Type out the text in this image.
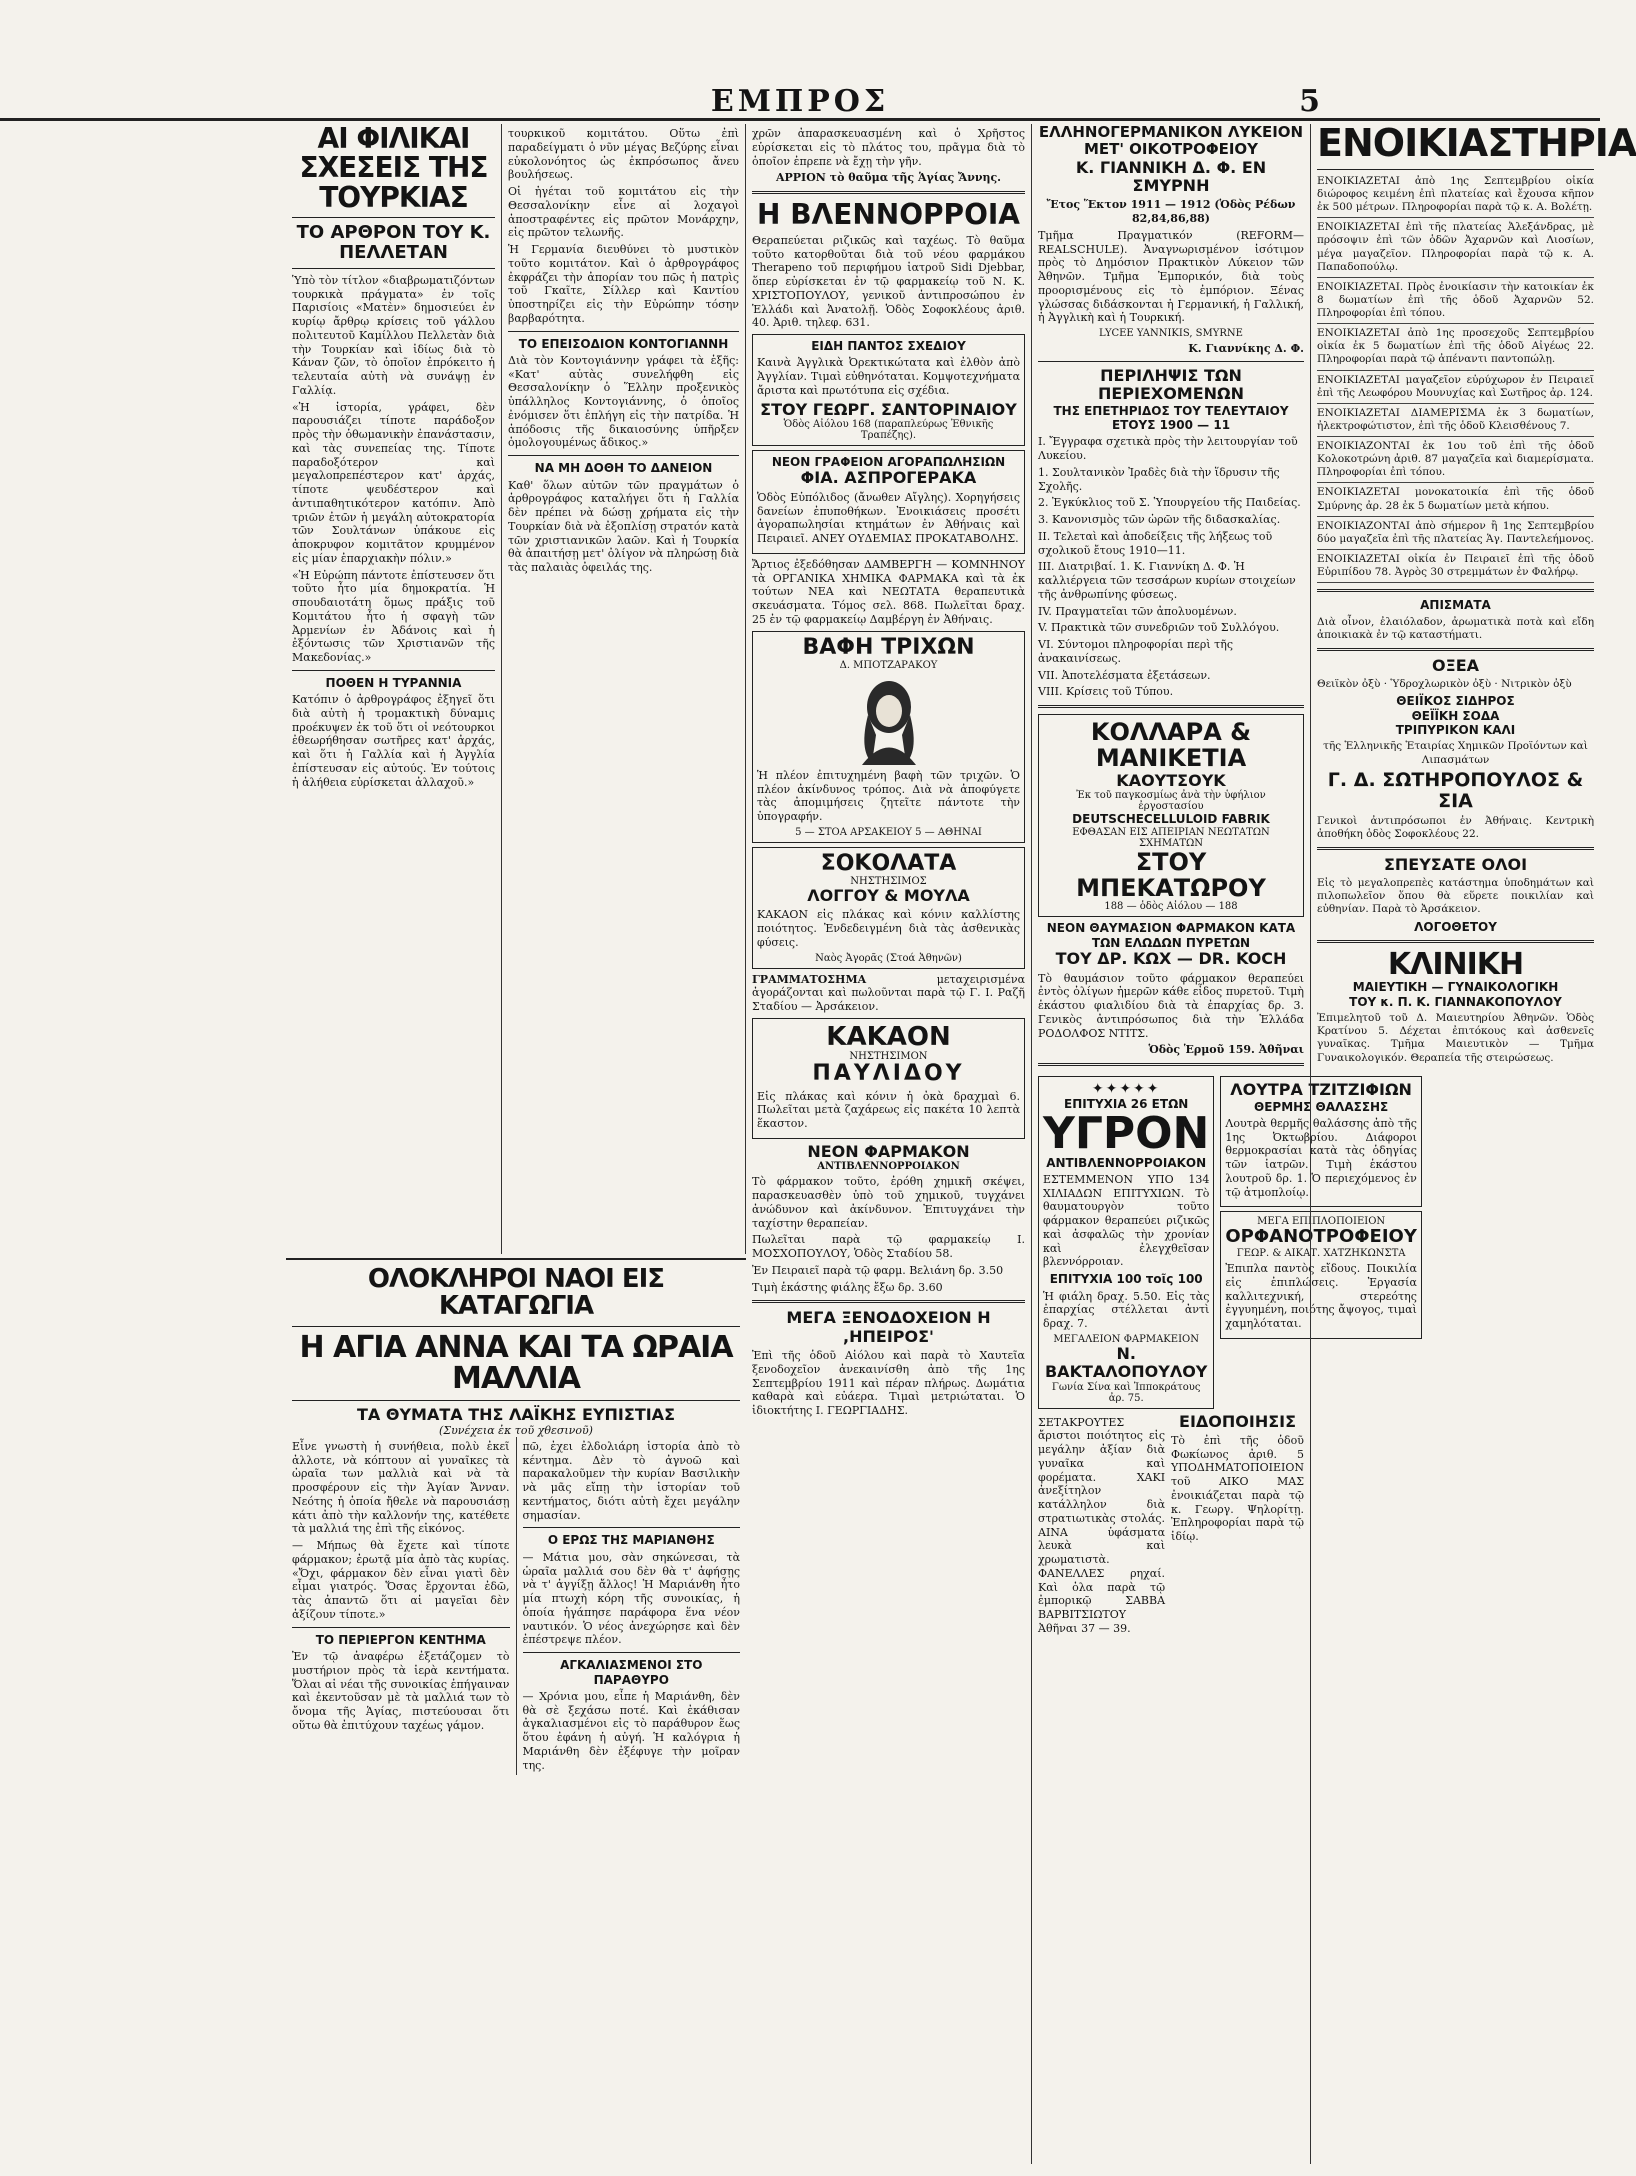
ΕΜΠΡΟΣ	5
ΑΙ ΦΙΛΙΚΑΙ ΣΧΕΣΕΙΣ ΤΗΣ ΤΟΥΡΚΙΑΣ
ΤΟ ΑΡΘΡΟΝ ΤΟΥ Κ. ΠΕΛΛΕΤΑΝ

Ὑπὸ τὸν τίτλον «διαβρωματιζόντων τουρκικὰ πράγματα» ἐν τοῖς Παρισίοις «Ματὲν» δημοσιεύει ἐν κυρίῳ ἄρθρῳ κρίσεις τοῦ γάλλου πολιτευτοῦ Καμίλλου Πελλετὰν διὰ τὴν Τουρκίαν καὶ ἰδίως διὰ τὸ Κάναν ζῶν, τὸ ὁποῖον ἐπρόκειτο ἡ τελευταία αὐτὴ νὰ συνάψῃ ἐν Γαλλίᾳ.

«Ἡ ἱστορία, γράφει, δὲν παρουσιάζει τίποτε παράδοξον πρὸς τὴν ὁθωμανικὴν ἐπανάστασιν, καὶ τὰς συνεπείας της. Τίποτε παραδοξότερον καὶ μεγαλοπρεπέστερον κατ' ἀρχάς, τίποτε ψευδέστερον καὶ ἀντιπαθητικότερον κατόπιν. Ἀπὸ τριῶν ἐτῶν ἡ μεγάλη αὐτοκρατορία τῶν Σουλτάνων ὑπάκουε εἰς ἀποκρυφον κομιτᾶτον κρυμμένον εἰς μίαν ἐπαρχιακὴν πόλιν.»

«Ἡ Εὐρώπη πάντοτε ἐπίστευσεν ὅτι τοῦτο ἦτο μία δημοκρατία. Ἡ σπουδαιοτάτη ὅμως πράξις τοῦ Κομιτάτου ἦτο ἡ σφαγὴ τῶν Ἀρμενίων ἐν Ἀδάνοις καὶ ἡ ἐξόντωσις τῶν Χριστιανῶν τῆς Μακεδονίας.»

ΠΟΘΕΝ Η ΤΥΡΑΝΝΙΑ

Κατόπιν ὁ ἀρθρογράφος ἐξηγεῖ ὅτι διὰ αὐτὴ ἡ τρομακτικὴ δύναμις προέκυψεν ἐκ τοῦ ὅτι οἱ νεότουρκοι ἐθεωρήθησαν σωτῆρες κατ' ἀρχάς, καὶ ὅτι ἡ Γαλλία καὶ ἡ Ἀγγλία ἐπίστευσαν εἰς αὐτούς. Ἐν τούτοις ἡ ἀλήθεια εὑρίσκεται ἀλλαχοῦ.»

τουρκικοῦ κομιτάτου. Οὕτω ἐπὶ παραδείγματι ὁ νῦν μέγας Βεζύρης εἶναι εὐκολονόητος ὡς ἐκπρόσωπος ἄνευ βουλήσεως.

Οἱ ἡγέται τοῦ κομιτάτου εἰς τὴν Θεσσαλονίκην εἶνε αἱ λοχαγοὶ ἀποστραφέντες εἰς πρῶτον Μονάρχην, εἰς πρῶτον τελωνῆς.

Ἡ Γερμανία διευθύνει τὸ μυστικὸν τοῦτο κομιτάτον. Καὶ ὁ ἀρθρογράφος ἐκφράζει τὴν ἀπορίαν του πῶς ἡ πατρὶς τοῦ Γκαῖτε, Σίλλερ καὶ Καντίου ὑποστηρίζει εἰς τὴν Εὐρώπην τόσην βαρβαρότητα.

ΤΟ ΕΠΕΙΣΟΔΙΟΝ ΚΟΝΤΟΓΙΑΝΝΗ

Διὰ τὸν Κοντογιάννην γράφει τὰ ἑξῆς: «Κατ' αὐτὰς συνελήφθη εἰς Θεσσαλονίκην ὁ Ἕλλην προξενικὸς ὑπάλληλος Κοντογιάννης, ὁ ὁποῖος ἐνόμισεν ὅτι ἐπλήγη εἰς τὴν πατρίδα. Ἡ ἀπόδοσις τῆς δικαιοσύνης ὑπῆρξεν ὁμολογουμένως ἄδικος.»

ΝΑ ΜΗ ΔΟΘΗ ΤΟ ΔΑΝΕΙΟΝ

Καθ' ὅλων αὐτῶν τῶν πραγμάτων ὁ ἀρθρογράφος καταλήγει ὅτι ἡ Γαλλία δὲν πρέπει νὰ δώσῃ χρήματα εἰς τὴν Τουρκίαν διὰ νὰ ἐξοπλίσῃ στρατόν κατὰ τῶν χριστιανικῶν λαῶν. Καὶ ἡ Τουρκία θὰ ἀπαιτήσῃ μετ' ὀλίγον νὰ πληρώσῃ διὰ τὰς παλαιὰς ὀφειλάς της.

ΟΛΟΚΛΗΡΟΙ ΝΑΟΙ ΕΙΣ ΚΑΤΑΓΩΓΙΑ
Η ΑΓΙΑ ΑΝΝΑ ΚΑΙ ΤΑ ΩΡΑΙΑ ΜΑΛΛΙΑ
ΤΑ ΘΥΜΑΤΑ ΤΗΣ ΛΑΪΚΗΣ ΕΥΠΙΣΤΙΑΣ
(Συνέχεια ἐκ τοῦ χθεσινοῦ)

Εἶνε γνωστὴ ἡ συνήθεια, πολὺ ἐκεῖ ἀλλοτε, νὰ κόπτουν αἱ γυναῖκες τὰ ὡραῖα των μαλλιὰ καὶ νὰ τὰ προσφέρουν εἰς τὴν Ἁγίαν Ἄνναν. Νεότης ἡ ὁποία ἤθελε νὰ παρουσιάσῃ κάτι ἀπὸ τὴν καλλονήν της, κατέθετε τὰ μαλλιά της ἐπὶ τῆς εἰκόνος.

— Μήπως θὰ ἔχετε καὶ τίποτε φάρμακον; ἐρωτᾷ μία ἀπὸ τὰς κυρίας. «Ὄχι, φάρμακον δὲν εἶναι γιατὶ δὲν εἶμαι γιατρός. Ὅσας ἔρχονται ἐδῶ, τὰς ἀπαντῶ ὅτι αἱ μαγεῖαι δὲν ἀξίζουν τίποτε.»

ΤΟ ΠΕΡΙΕΡΓΟΝ ΚΕΝΤΗΜΑ

Ἐν τῷ ἀναφέρω ἐξετάζομεν τὸ μυστήριον πρὸς τὰ ἱερὰ κεντήματα. Ὅλαι αἱ νέαι τῆς συνοικίας ἐπήγαιναν καὶ ἐκεντοῦσαν μὲ τὰ μαλλιά των τὸ ὄνομα τῆς Ἁγίας, πιστεύουσαι ὅτι οὕτω θὰ ἐπιτύχουν ταχέως γάμον.

πῶ, ἐχει ἐλδολιάρη ἱστορία ἀπὸ τὸ κέντημα. Δὲν τὸ ἀγνοῶ καὶ παρακαλοῦμεν τὴν κυρίαν Βασιλικὴν νὰ μᾶς εἴπῃ τὴν ἱστορίαν τοῦ κεντήματος, διότι αὐτὴ ἔχει μεγάλην σημασίαν.

Ο ΕΡΩΣ ΤΗΣ ΜΑΡΙΑΝΘΗΣ

— Μάτια μου, σὰν σηκώνεσαι, τὰ ὡραῖα μαλλιά σου δὲν θὰ τ' ἀφήσῃς νὰ τ' ἀγγίξῃ ἄλλος! Ἡ Μαριάνθη ἦτο μία πτωχὴ κόρη τῆς συνοικίας, ἡ ὁποία ἠγάπησε παράφορα ἕνα νέον ναυτικόν. Ὁ νέος ἀνεχώρησε καὶ δὲν ἐπέστρεψε πλέον.

ΑΓΚΑΛΙΑΣΜΕΝΟΙ ΣΤΟ ΠΑΡΑΘΥΡΟ

— Χρόνια μου, εἶπε ἡ Μαριάνθη, δὲν θὰ σὲ ξεχάσω ποτέ. Καὶ ἐκάθισαν ἀγκαλιασμένοι εἰς τὸ παράθυρον ἕως ὅτου ἐφάνη ἡ αὐγή. Ἡ καλόγρια ἡ Μαριάνθη δὲν ἐξέφυγε τὴν μοῖραν της.

χρῶν ἀπαρασκευασμένη καὶ ὁ Χρῆστος εὑρίσκεται εἰς τὸ πλάτος του, πρᾶγμα διὰ τὸ ὁποῖον ἐπρεπε νὰ ἔχῃ τὴν γῆν.

ΑΡΡΙΟΝ τὸ θαῦμα τῆς Ἁγίας Ἄννης.

Η ΒΛΕΝΝΟΡΡΟΙΑ

Θεραπεύεται ριζικῶς καὶ ταχέως. Τὸ θαῦμα τοῦτο κατορθοῦται διὰ τοῦ νέου φαρμάκου Therapeno τοῦ περιφήμου ἰατροῦ Sidi Djebbar, ὅπερ εὑρίσκεται ἐν τῷ φαρμακείῳ τοῦ Ν. Κ. ΧΡΙΣΤΟΠΟΥΛΟΥ, γενικοῦ ἀντιπροσώπου ἐν Ἑλλάδι καὶ Ἀνατολῇ. Ὁδὸς Σοφοκλέους ἀριθ. 40. Ἀριθ. τηλεφ. 631.

ΕΙΔΗ ΠΑΝΤΟΣ ΣΧΕΔΙΟΥ

Καινὰ Ἀγγλικὰ Ὀρεκτικώτατα καὶ ἐλθὸν ἀπὸ Ἀγγλίαν. Τιμαὶ εὐθηνόταται. Κομψοτεχνήματα ἄριστα καὶ πρωτότυπα εἰς σχέδια.

ΣΤΟΥ ΓΕΩΡΓ. ΣΑΝΤΟΡΙΝΑΙΟΥ
Ὁδὸς Αἰόλου 168 (παραπλεύρως Ἐθνικῆς Τραπέζης).
ΝΕΟΝ ΓΡΑΦΕΙΟΝ ΑΓΟΡΑΠΩΛΗΣΙΩΝ
ΦΙΑ. ΑΣΠΡΟΓΕΡΑΚΑ

Ὁδὸς Εὐπόλιδος (ἄνωθεν Αἴγλης). Χορηγήσεις δανείων ἐπυποθήκων. Ἐνοικιάσεις προσέτι ἀγοραπωλησίαι κτημάτων ἐν Ἀθήναις καὶ Πειραιεῖ. ΑΝΕΥ ΟΥΔΕΜΙΑΣ ΠΡΟΚΑΤΑΒΟΛΗΣ.

Ἄρτιος ἐξεδόθησαν ΔΑΜΒΕΡΓΗ — ΚΟΜΝΗΝΟΥ τὰ ΟΡΓΑΝΙΚΑ ΧΗΜΙΚΑ ΦΑΡΜΑΚΑ καὶ τὰ ἐκ τούτων ΝΕΑ καὶ ΝΕΩΤΑΤΑ θεραπευτικὰ σκευάσματα. Τόμος σελ. 868. Πωλεῖται δραχ. 25 ἐν τῷ φαρμακείῳ Δαμβέργη ἐν Ἀθήναις.

ΒΑΦΗ ΤΡΙΧΩΝ
Δ. ΜΠΟΤΖΑΡΑΚΟΥ

Ἡ πλέον ἐπιτυχημένη βαφὴ τῶν τριχῶν. Ὁ πλέον ἀκίνδυνος τρόπος. Διὰ νὰ ἀποφύγετε τὰς ἀπομιμήσεις ζητεῖτε πάντοτε τὴν ὑπογραφήν.

5 — ΣΤΟΑ ΑΡΣΑΚΕΙΟΥ 5 — ΑΘΗΝΑΙ
ΣΟΚΟΛΑΤΑ
ΝΗΣΤΗΣΙΜΟΣ
ΛΟΓΓΟΥ & ΜΟΥΛΑ

ΚΑΚΑΟΝ εἰς πλάκας καὶ κόνιν καλλίστης ποιότητος. Ἐνδεδειγμένη διὰ τὰς ἀσθενικὰς φύσεις.

Ναὸς Ἀγορᾶς (Στοά Ἀθηνῶν)

ΓΡΑΜΜΑΤΟΣΗΜΑ	μεταχειρισμένα ἀγοράζονται καὶ πωλοῦνται παρὰ τῷ Γ. Ι. Ραζῆ Σταδίου — Ἀρσάκειον.

ΚΑΚΑΟΝ
ΝΗΣΤΗΣΙΜΟΝ
ΠΑΥΛΙΔΟΥ

Εἰς πλάκας καὶ κόνιν ἡ ὀκὰ δραχμαὶ 6. Πωλεῖται μετὰ ζαχάρεως εἰς πακέτα 10 λεπτὰ ἕκαστον.

ΝΕΟΝ ΦΑΡΜΑΚΟΝ
ΑΝΤΙΒΛΕΝΝΟΡΡΟΙΑΚΟΝ

Τὸ φάρμακον τοῦτο, ἐρόθη χημικῆ σκέψει, παρασκευασθὲν ὑπὸ τοῦ χημικοῦ, τυγχάνει ἀνώδυνον καὶ ἀκίνδυνον. Ἐπιτυγχάνει τὴν ταχίστην θεραπείαν.

Πωλεῖται παρὰ τῷ φαρμακείῳ Ι. ΜΟΣΧΟΠΟΥΛΟΥ, Ὁδὸς Σταδίου 58.

Ἐν Πειραιεῖ παρὰ τῷ φαρμ. Βελιάνη δρ. 3.50

Τιμὴ ἑκάστης φιάλης ἔξω δρ. 3.60

ΜΕΓΑ ΞΕΝΟΔΟΧΕΙΟΝ Η ,ΗΠΕΙΡΟΣ'

Ἐπὶ τῆς ὁδοῦ Αἰόλου καὶ παρὰ τὸ Χαυτεῖα ξενοδοχεῖον ἀνεκαινίσθη ἀπὸ τῆς 1ης Σεπτεμβρίου 1911 καὶ πέραν πλήρως. Δωμάτια καθαρὰ καὶ εὐάερα. Τιμαὶ μετριώταται. Ὁ ἰδιοκτήτης Ι. ΓΕΩΡΓΙΑΔΗΣ.

ΕΛΛΗΝΟΓΕΡΜΑΝΙΚΟΝ ΛΥΚΕΙΟΝ ΜΕΤ' ΟΙΚΟΤΡΟΦΕΙΟΥ
Κ. ΓΙΑΝΝΙΚΗ Δ. Φ. ΕΝ ΣΜΥΡΝΗ

Ἔτος Ἕκτον 1911 — 1912 (Ὁδὸς Ρέδων 82,84,86,88)

Τμῆμα Πραγματικόν (REFORM—REALSCHULE). Ἀναγνωρισμένον ἰσότιμον πρὸς τὸ Δημόσιον Πρακτικὸν Λύκειον τῶν Ἀθηνῶν. Τμῆμα Ἐμπορικόν, διὰ τοὺς προορισμένους εἰς τὸ ἐμπόριον. Ξένας γλώσσας διδάσκονται ἡ Γερμανική, ἡ Γαλλική, ἡ Ἀγγλικὴ καὶ ἡ Τουρκική.

LYCEE YANNIKIS, SMYRNE

Κ. Γιαννίκης Δ. Φ.

ΠΕΡΙΛΗΨΙΣ ΤΩΝ ΠΕΡΙΕΧΟΜΕΝΩΝ
ΤΗΣ ΕΠΕΤΗΡΙΔΟΣ ΤΟΥ ΤΕΛΕΥΤΑΙΟΥ ΕΤΟΥΣ 1900 — 11

I. Ἔγγραφα σχετικὰ πρὸς τὴν λειτουργίαν τοῦ Λυκείου.

1. Σουλτανικὸν Ἰραδὲς διὰ τὴν ἵδρυσιν τῆς Σχολῆς.

2. Ἐγκύκλιος τοῦ Σ. Ὑπουργείου τῆς Παιδείας.

3. Κανονισμὸς τῶν ὡρῶν τῆς διδασκαλίας.

II. Τελεταὶ καὶ ἀποδείξεις τῆς λήξεως τοῦ σχολικοῦ ἔτους 1910—11.

III. Διατριβαί. 1. Κ. Γιαννίκη Δ. Φ. Ἡ καλλιέργεια τῶν τεσσάρων κυρίων στοιχείων τῆς ἀνθρωπίνης φύσεως.

IV. Πραγματεῖαι τῶν ἀπολυομένων.

V. Πρακτικὰ τῶν συνεδριῶν τοῦ Συλλόγου.

VI. Σύντομοι πληροφορίαι περὶ τῆς ἀνακαινίσεως.

VII. Ἀποτελέσματα ἐξετάσεων.

VIII. Κρίσεις τοῦ Τύπου.

ΚΟΛΛΑΡΑ & ΜΑΝΙΚΕΤΙΑ
ΚΑΟΥΤΣΟΥΚ
Ἐκ τοῦ παγκοσμίως ἀνὰ τὴν ὑφήλιον ἐργοστασίου
DEUTSCHECELLULOID FABRIK
ΕΦΘΑΣΑΝ ΕΙΣ ΑΠΕΙΡΙΑΝ ΝΕΩΤΑΤΩΝ ΣΧΗΜΑΤΩΝ
ΣΤΟΥ ΜΠΕΚΑΤΩΡΟΥ
188 — ὁδὸς Αἰόλου — 188
ΝΕΟΝ ΘΑΥΜΑΣΙΟΝ ΦΑΡΜΑΚΟΝ ΚΑΤΑ ΤΩΝ ΕΛΩΔΩΝ ΠΥΡΕΤΩΝ
ΤΟΥ ΔΡ. ΚΩΧ — DR. KOCH

Τὸ θαυμάσιον τοῦτο φάρμακον θεραπεύει ἐντὸς ὀλίγων ἡμερῶν κάθε εἶδος πυρετοῦ. Τιμὴ ἑκάστου φιαλιδίου διὰ τὰ ἐπαρχίας δρ. 3. Γενικὸς ἀντιπρόσωπος διὰ τὴν Ἑλλάδα ΡΟΔΟΛΦΟΣ ΝΤΙΤΣ.

Ὁδὸς Ἑρμοῦ 159. Ἀθῆναι

✦✦✦✦✦
ΕΠΙΤΥΧΙΑ 26 ΕΤΩΝ
ΥΓΡΟΝ
ΑΝΤΙΒΛΕΝΝΟΡΡΟΙΑΚΟΝ

ΕΣΤΕΜΜΕΝΟΝ ΥΠΟ 134 ΧΙΛΙΑΔΩΝ ΕΠΙΤΥΧΙΩΝ. Τὸ θαυματουργὸν τοῦτο φάρμακον θεραπεύει ριζικῶς καὶ ἀσφαλῶς τὴν χρονίαν καὶ ἐλεγχθεῖσαν βλεννόρροιαν.

ΕΠΙΤΥΧΙΑ 100 τοῖς 100

Ἡ φιάλη δραχ. 5.50. Εἰς τὰς ἐπαρχίας στέλλεται ἀντὶ δραχ. 7.

ΜΕΓΑΛΕΙΟΝ ΦΑΡΜΑΚΕΙΟΝ
Ν. ΒΑΚΤΑΛΟΠΟΥΛΟΥ
Γωνία Σίνα καὶ Ἱπποκράτους ἀρ. 75.
ΛΟΥΤΡΑ ΤΖΙΤΖΙΦΙΩΝ
ΘΕΡΜΗΣ ΘΑΛΑΣΣΗΣ

Λουτρὰ θερμῆς θαλάσσης ἀπὸ τῆς 1ης Ὀκτωβρίου. Διάφοροι θερμοκρασίαι κατὰ τὰς ὁδηγίας τῶν ἰατρῶν. Τιμὴ ἑκάστου λουτροῦ δρ. 1. Ὁ περιεχόμενος ἐν τῷ ἀτμοπλοίῳ.

ΜΕΓΑ ΕΠΙΠΛΟΠΟΙΕΙΟΝ
ΟΡΦΑΝΟΤΡΟΦΕΙΟΥ
ΓΕΩΡ. & ΑΙΚΑΤ. ΧΑΤΖΗΚΩΝΣΤΑ

Ἐπιπλα παντὸς εἴδους. Ποικιλία εἰς ἐπιπλώσεις. Ἐργασία καλλιτεχνική, στερεότης ἐγγυημένη, ποιότης ἄψογος, τιμαὶ χαμηλόταται.

ΣΕΤΑΚΡΟΥΤΕΣ ἄριστοι ποιότητος εἰς μεγάλην ἀξίαν διὰ γυναῖκα καὶ φορέματα. ΧΑΚΙ ἀνεξίτηλον κατάλληλον διὰ στρατιωτικὰς στολάς. ΑΙΝΑ ὑφάσματα λευκὰ καὶ χρωματιστὰ. ΦΑΝΕΛΛΕΣ ρηχαί. Καὶ ὁλα παρὰ τῷ ἐμπορικῷ ΣΑΒΒΑ ΒΑΡΒΙΤΣΙΩΤΟΥ Ἀθῆναι 37 — 39.

ΕΙΔΟΠΟΙΗΣΙΣ

Τὸ ἐπὶ τῆς ὁδοῦ Φωκίωνος ἀριθ. 5 ΥΠΟΔΗΜΑΤΟΠΟΙΕΙΟΝ τοῦ ΑΙΚΟ ΜΑΣ ἐνοικιάζεται παρὰ τῷ κ. Γεωργ. Ψηλορίτῃ. Ἐπληροφορίαι παρὰ τῷ ἰδίῳ.

ΕΝΟΙΚΙΑΣΤΗΡΙΑ

ΕΝΟΙΚΙΑΖΕΤΑΙ ἀπὸ 1ης Σεπτεμβρίου οἰκία διώροφος κειμένη ἐπὶ πλατείας καὶ ἔχουσα κῆπον ἐκ 500 μέτρων. Πληροφορίαι παρὰ τῷ κ. Α. Βολέτῃ.

ΕΝΟΙΚΙΑΖΕΤΑΙ ἐπὶ τῆς πλατείας Ἀλεξάνδρας, μὲ πρόσοψιν ἐπὶ τῶν ὁδῶν Ἀχαρνῶν καὶ Λιοσίων, μέγα μαγαζεῖον. Πληροφορίαι παρὰ τῷ κ. Α. Παπαδοπούλῳ.

ΕΝΟΙΚΙΑΖΕΤΑΙ. Πρὸς ἐνοικίασιν τὴν κατοικίαν ἐκ 8 δωματίων ἐπὶ τῆς ὁδοῦ Ἀχαρνῶν 52. Πληροφορίαι ἐπὶ τόπου.

ΕΝΟΙΚΙΑΖΕΤΑΙ ἀπὸ 1ης προσεχοῦς Σεπτεμβρίου οἰκία ἐκ 5 δωματίων ἐπὶ τῆς ὁδοῦ Αἰγέως 22. Πληροφορίαι παρὰ τῷ ἀπέναντι παντοπώλῃ.

ΕΝΟΙΚΙΑΖΕΤΑΙ μαγαζεῖον εὐρύχωρον ἐν Πειραιεῖ ἐπὶ τῆς Λεωφόρου Μουνυχίας καὶ Σωτῆρος ἀρ. 124.

ΕΝΟΙΚΙΑΖΕΤΑΙ ΔΙΑΜΕΡΙΣΜΑ ἐκ 3 δωματίων, ἠλεκτροφώτιστον, ἐπὶ τῆς ὁδοῦ Κλεισθένους 7.

ΕΝΟΙΚΙΑΖΟΝΤΑΙ ἐκ 1ου τοῦ ἐπὶ τῆς ὁδοῦ Κολοκοτρώνη ἀριθ. 87 μαγαζεῖα καὶ διαμερίσματα. Πληροφορίαι ἐπὶ τόπου.

ΕΝΟΙΚΙΑΖΕΤΑΙ μονοκατοικία ἐπὶ τῆς ὁδοῦ Σμύρνης ἀρ. 28 ἐκ 5 δωματίων μετὰ κήπου.

ΕΝΟΙΚΙΑΖΟΝΤΑΙ ἀπὸ σήμερον ἢ 1ης Σεπτεμβρίου δύο μαγαζεῖα ἐπὶ τῆς πλατείας Ἁγ. Παντελεήμονος.

ΕΝΟΙΚΙΑΖΕΤΑΙ οἰκία ἐν Πειραιεῖ ἐπὶ τῆς ὁδοῦ Εὐριπίδου 78. Ἀγρὸς 30 στρεμμάτων ἐν Φαλήρῳ.

ΑΠΙΣΜΑΤΑ

Διὰ οἶνον, ἐλαιόλαδον, ἀρωματικὰ ποτὰ καὶ εἴδη ἀποικιακὰ ἐν τῷ καταστήματι.

ΟΞΕΑ

Θειϊκὸν ὀξὺ · Ὑδροχλωρικὸν ὀξὺ · Νιτρικὸν ὀξὺ

ΘΕΙΪΚΟΣ ΣΙΔΗΡΟΣ
ΘΕΪΪΚΗ ΣΟΔΑ
ΤΡΙΠΥΡΙΚΟΝ ΚΑΛΙ

τῆς Ἑλληνικῆς Ἑταιρίας Χημικῶν Προϊόντων καὶ Λιπασμάτων

Γ. Δ. ΣΩΤΗΡΟΠΟΥΛΟΣ & ΣΙΑ

Γενικοὶ ἀντιπρόσωποι ἐν Ἀθήναις. Κεντρικὴ ἀποθήκη ὁδὸς Σοφοκλέους 22.

ΣΠΕΥΣΑΤΕ ΟΛΟΙ

Εἰς τὸ μεγαλοπρεπὲς κατάστημα ὑποδημάτων καὶ πιλοπωλεῖον ὅπου θὰ εὕρετε ποικιλίαν καὶ εὐθηνίαν. Παρὰ τὸ Ἀρσάκειον.

ΛΟΓΟΘΕΤΟΥ
ΚΛΙΝΙΚΗ
ΜΑΙΕΥΤΙΚΗ — ΓΥΝΑΙΚΟΛΟΓΙΚΗ
ΤΟΥ κ. Π. Κ. ΓΙΑΝΝΑΚΟΠΟΥΛΟΥ

Ἐπιμελητοῦ τοῦ Δ. Μαιευτηρίου Ἀθηνῶν. Ὁδὸς Κρατίνου 5. Δέχεται ἐπιτόκους καὶ ἀσθενεῖς γυναῖκας. Τμῆμα Μαιευτικὸν — Τμῆμα Γυναικολογικόν. Θεραπεία τῆς στειρώσεως.
